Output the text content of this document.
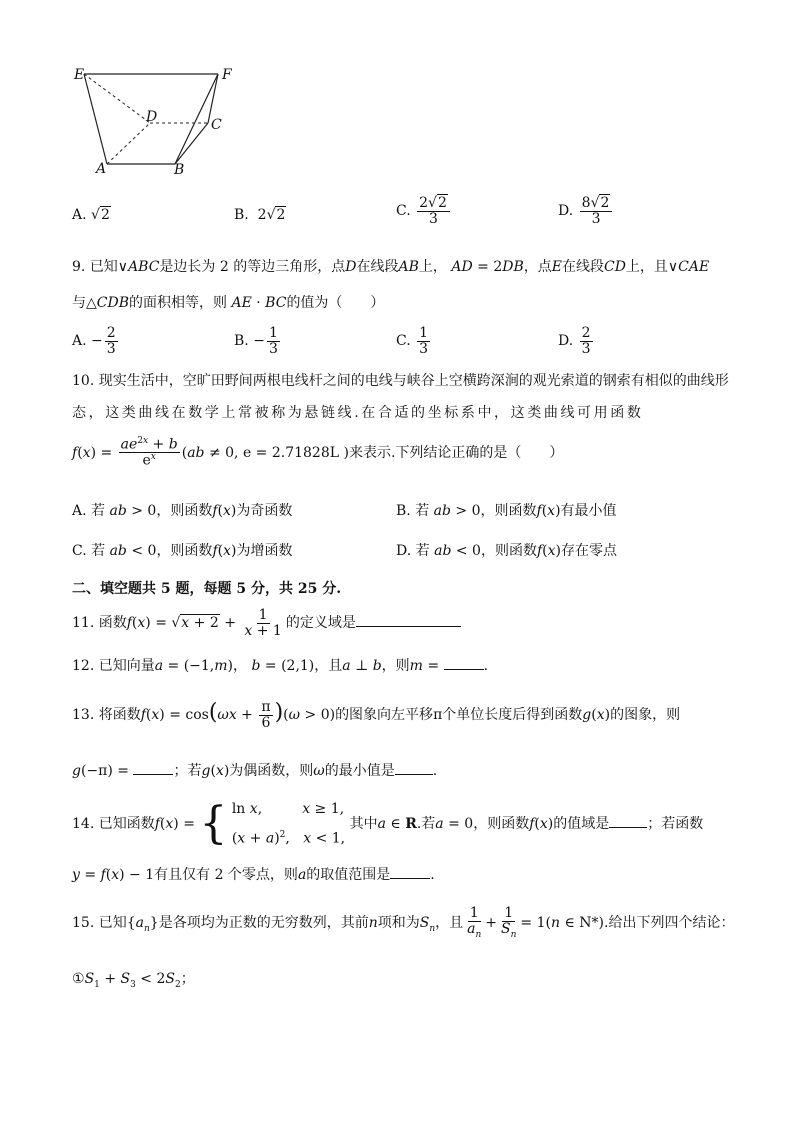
E	F
D	C
A	B
A. √2	B.  2√2	C. $\frac{2√2}{3}$	D. $\frac{8√2}{3}$
9. 已知∨ABC是边长为 2 的等边三角形，点D在线段AB上， AD = 2DB，点E在线段CD上，且∨CAE
与△CDB的面积相等，则 AE · BC的值为（　　）
A. − $\frac{2}{3}$	B. − $\frac{1}{3}$	C. $\frac{1}{3}$	D. $\frac{2}{3}$
10. 现实生活中，空旷田野间两根电线杆之间的电线与峡谷上空横跨深涧的观光索道的钢索有相似的曲线形
态，这类曲线在数学上常被称为悬链线.在合适的坐标系中，这类曲线可用函数
$f(x) = \frac{ae^{2x} + b}{e^x} (ab \ne 0$, e = 2.71828L )来表示.下列结论正确的是（　　）
A. 若 ab > 0，则函数f(x)为奇函数	B. 若 ab > 0，则函数f(x)有最小值
C. 若 ab < 0，则函数f(x)为增函数	D. 若 ab < 0，则函数f(x)存在零点
二、填空题共 5 题，每题 5 分，共 25 分.
11. 函数$f(x) = √x + 2 + \frac{1}{x + 1}$ 的定义域是
12. 已知向量a = (−1,m)， b = (2,1)，且a ⊥ b，则m =	.
13. 将函数$f(x) = \cos(\omega x + \frac{\pi}{6} )(\omega > 0)$的图象向左平移π个单位长度后得到函数g(x)的图象，则
g(−π) =	；若g(x)为偶函数，则ω的最小值是	.
14. 已知函数f(x) = { ln x,         x ≥ 1,
$(x + a)^2$,   x < 1,
其中a ∈ R.若a = 0，则函数f(x)的值域是	；若函数
y = f(x) − 1有且仅有 2 个零点，则a的取值范围是	.
15. 已知$\{a_n\}$是各项均为正数的无穷数列，其前n项和为$S_n$，且 $\frac{1}{a_n} + \frac{1}{S_n} = 1(n$ ∈ N*).给出下列四个结论：
$①S_1 + S_3 < 2S_2$；
